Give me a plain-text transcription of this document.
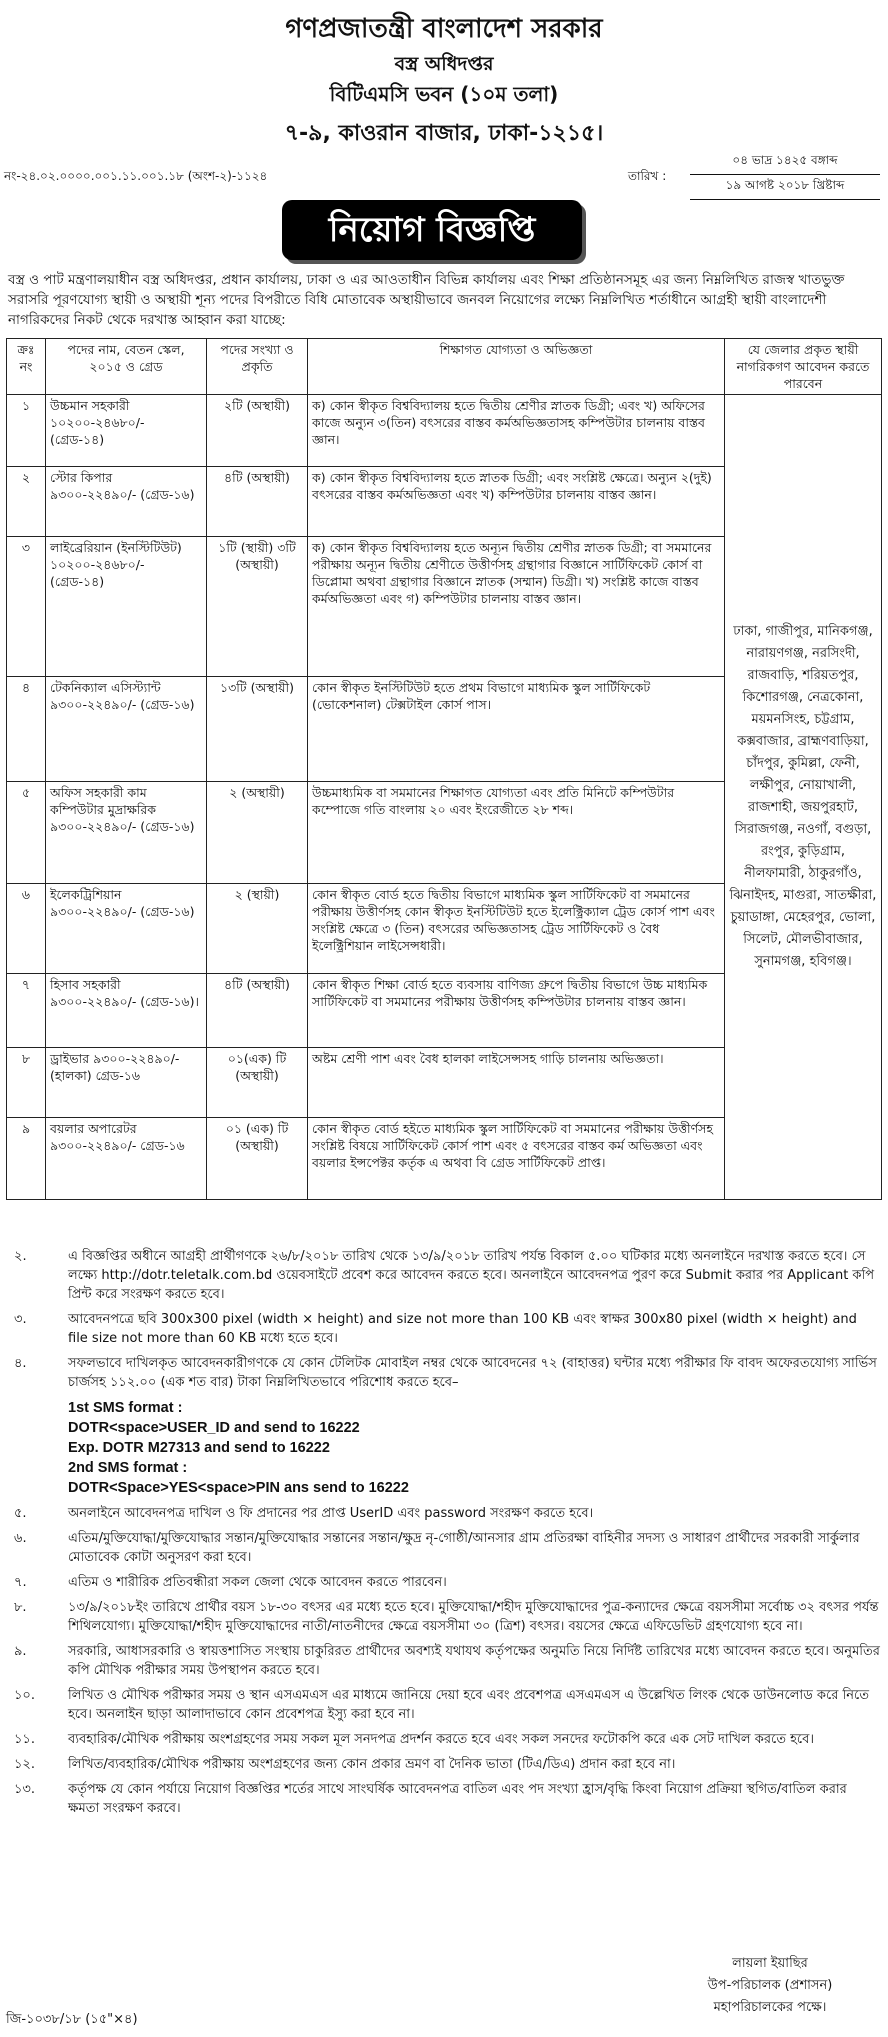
গণপ্রজাতন্ত্রী বাংলাদেশ সরকার
বস্ত্র অধিদপ্তর
বিটিএমসি ভবন (১০ম তলা)
৭-৯, কাওরান বাজার, ঢাকা-১২১৫।
নং-২৪.০২.০০০০.০০১.১১.০০১.১৮ (অংশ-২)-১১২৪	তারিখ :
০৪ ভাদ্র ১৪২৫ বঙ্গাব্দ
১৯ আগষ্ট ২০১৮ খ্রিষ্টাব্দ
নিয়োগ বিজ্ঞপ্তি
বস্ত্র ও পাট মন্ত্রণালয়াধীন বস্ত্র অধিদপ্তর, প্রধান কার্যালয়, ঢাকা ও এর আওতাধীন বিভিন্ন কার্যালয় এবং শিক্ষা প্রতিষ্ঠানসমূহ এর জন্য নিম্নলিখিত রাজস্ব খাতভুক্ত সরাসরি পূরণযোগ্য স্থায়ী ও অস্থায়ী শূন্য পদের বিপরীতে বিধি মোতাবেক অস্থায়ীভাবে জনবল নিয়োগের লক্ষ্যে নিম্নলিখিত শর্তাধীনে আগ্রহী স্থায়ী বাংলাদেশী নাগরিকদের নিকট থেকে দরখাস্ত আহ্বান করা যাচ্ছে:
ক্রঃ নং	পদের নাম, বেতন স্কেল, ২০১৫ ও গ্রেড	পদের সংখ্যা ও প্রকৃতি	শিক্ষাগত যোগ্যতা ও অভিজ্ঞতা	যে জেলার প্রকৃত স্থায়ী নাগরিকগণ আবেদন করতে পারবেন
১	উচ্চমান সহকারী ১০২০০-২৪৬৮০/- (গ্রেড-১৪)	২টি (অস্থায়ী)	ক) কোন স্বীকৃত বিশ্ববিদ্যালয় হতে দ্বিতীয় শ্রেণীর স্নাতক ডিগ্রী; এবং খ) অফিসের কাজে অন্যুন ৩(তিন) বৎসরের বাস্তব কর্মঅভিজ্ঞতাসহ কম্পিউটার চালনায় বাস্তব জ্ঞান।	ঢাকা, গাজীপুর, মানিকগঞ্জ, নারায়ণগঞ্জ, নরসিংদী, রাজবাড়ি, শরিয়তপুর, কিশোরগঞ্জ, নেত্রকোনা, ময়মনসিংহ, চট্টগ্রাম, কক্সবাজার, ব্রাহ্মণবাড়িয়া, চাঁদপুর, কুমিল্লা, ফেনী, লক্ষীপুর, নোয়াখালী, রাজশাহী, জয়পুরহাট, সিরাজগঞ্জ, নওগাঁ, বগুড়া, রংপুর, কুড়িগ্রাম, নীলফামারী, ঠাকুরগাঁও, ঝিনাইদহ, মাগুরা, সাতক্ষীরা, চুয়াডাঙ্গা, মেহেরপুর, ভোলা, সিলেট, মৌলভীবাজার, সুনামগঞ্জ, হবিগঞ্জ।
২	স্টোর কিপার ৯৩০০-২২৪৯০/- (গ্রেড-১৬)	৪টি (অস্থায়ী)	ক) কোন স্বীকৃত বিশ্ববিদ্যালয় হতে স্নাতক ডিগ্রী; এবং সংশ্লিষ্ট ক্ষেত্রে। অন্যুন ২(দুই) বৎসরের বাস্তব কর্মঅভিজ্ঞতা এবং খ) কম্পিউটার চালনায় বাস্তব জ্ঞান।	
৩	লাইব্রেরিয়ান (ইনস্টিটিউট) ১০২০০-২৪৬৮০/- (গ্রেড-১৪)	১টি (স্থায়ী) ৩টি (অস্থায়ী)	ক) কোন স্বীকৃত বিশ্ববিদ্যালয় হতে অন্যূন দ্বিতীয় শ্রেণীর স্নাতক ডিগ্রী; বা সমমানের পরীক্ষায় অন্যূন দ্বিতীয় শ্রেণীতে উত্তীর্ণসহ গ্রন্থাগার বিজ্ঞানে সার্টিফিকেট কোর্স বা ডিপ্লোমা অথবা গ্রন্থাগার বিজ্ঞানে স্নাতক (সম্মান) ডিগ্রী। খ) সংশ্লিষ্ট কাজে বাস্তব কর্মঅভিজ্ঞতা এবং গ) কম্পিউটার চালনায় বাস্তব জ্ঞান।	
৪	টেকনিক্যাল এসিস্ট্যান্ট ৯৩০০-২২৪৯০/- (গ্রেড-১৬)	১৩টি (অস্থায়ী)	কোন স্বীকৃত ইনস্টিটিউট হতে প্রথম বিভাগে মাধ্যমিক স্কুল সার্টিফিকেট (ভোকেশনাল) টেক্সটাইল কোর্স পাস।	
৫	অফিস সহকারী কাম কম্পিউটার মুদ্রাক্ষরিক ৯৩০০-২২৪৯০/- (গ্রেড-১৬)	২ (অস্থায়ী)	উচ্চমাধ্যমিক বা সমমানের শিক্ষাগত যোগ্যতা এবং প্রতি মিনিটে কম্পিউটার কম্পোজে গতি বাংলায় ২০ এবং ইংরেজীতে ২৮ শব্দ।	
৬	ইলেকট্রিশিয়ান ৯৩০০-২২৪৯০/- (গ্রেড-১৬)	২ (স্থায়ী)	কোন স্বীকৃত বোর্ড হতে দ্বিতীয় বিভাগে মাধ্যমিক স্কুল সার্টিফিকেট বা সমমানের পরীক্ষায় উত্তীর্ণসহ কোন স্বীকৃত ইনস্টিটিউট হতে ইলেক্ট্রিক্যাল ট্রেড কোর্স পাশ এবং সংশ্লিষ্ট ক্ষেত্রে ৩ (তিন) বৎসরের অভিজ্ঞতাসহ ট্রেড সার্টিফিকেট ও বৈধ ইলেক্ট্রিশিয়ান লাইসেন্সধারী।	
৭	হিসাব সহকারী ৯৩০০-২২৪৯০/- (গ্রেড-১৬)।	৪টি (অস্থায়ী)	কোন স্বীকৃত শিক্ষা বোর্ড হতে ব্যবসায় বাণিজ্য গ্রুপে দ্বিতীয় বিভাগে উচ্চ মাধ্যমিক সার্টিফিকেট বা সমমানের পরীক্ষায় উত্তীর্ণসহ কম্পিউটার চালনায় বাস্তব জ্ঞান।	
৮	ড্রাইভার ৯৩০০-২২৪৯০/- (হালকা) গ্রেড-১৬	০১(এক) টি (অস্থায়ী)	অষ্টম শ্রেণী পাশ এবং বৈধ হালকা লাইসেন্সসহ গাড়ি চালনায় অভিজ্ঞতা।	
৯	বয়লার অপারেটর ৯৩০০-২২৪৯০/- গ্রেড-১৬	০১ (এক) টি (অস্থায়ী)	কোন স্বীকৃত বোর্ড হইতে মাধ্যমিক স্কুল সার্টিফিকেট বা সমমানের পরীক্ষায় উত্তীর্ণসহ সংশ্লিষ্ট বিষয়ে সার্টিফিকেট কোর্স পাশ এবং ৫ বৎসরের বাস্তব কর্ম অভিজ্ঞতা এবং বয়লার ইন্সপেক্টর কর্তৃক এ অথবা বি গ্রেড সার্টিফিকেট প্রাপ্ত।	
২.	এ বিজ্ঞপ্তির অধীনে আগ্রহী প্রার্থীগণকে ২৬/৮/২০১৮ তারিখ থেকে ১৩/৯/২০১৮ তারিখ পর্যন্ত বিকাল ৫.০০ ঘটিকার মধ্যে অনলাইনে দরখাস্ত করতে হবে। সে লক্ষ্যে http://dotr.teletalk.com.bd ওয়েবসাইটে প্রবেশ করে আবেদন করতে হবে। অনলাইনে আবেদনপত্র পুরণ করে Submit করার পর Applicant কপি প্রিন্ট করে সংরক্ষণ করতে হবে।
৩.	আবেদনপত্রে ছবি 300x300 pixel (width × height) and size not more than 100 KB এবং স্বাক্ষর 300x80 pixel (width × height) and file size not more than 60 KB মধ্যে হতে হবে।
৪.	সফলভাবে দাখিলকৃত আবেদনকারীগণকে যে কোন টেলিটক মোবাইল নম্বর থেকে আবেদনের ৭২ (বাহাত্তর) ঘন্টার মধ্যে পরীক্ষার ফি বাবদ অফেরতযোগ্য সার্ভিস চার্জসহ ১১২.০০ (এক শত বার) টাকা নিম্নলিখিতভাবে পরিশোধ করতে হবে–
1st SMS format :
DOTR<space>USER_ID and send to 16222
Exp. DOTR M27313 and send to 16222
2nd SMS format :
DOTR<Space>YES<space>PIN ans send to 16222
৫.	অনলাইনে আবেদনপত্র দাখিল ও ফি প্রদানের পর প্রাপ্ত UserID এবং password সংরক্ষণ করতে হবে।
৬.	এতিম/মুক্তিযোদ্ধা/মুক্তিযোদ্ধার সন্তান/মুক্তিযোদ্ধার সন্তানের সন্তান/ক্ষুদ্র নৃ-গোষ্ঠী/আনসার গ্রাম প্রতিরক্ষা বাহিনীর সদস্য ও সাধারণ প্রার্থীদের সরকারী সার্কুলার মোতাবেক কোটা অনুসরণ করা হবে।
৭.	এতিম ও শারীরিক প্রতিবন্ধীরা সকল জেলা থেকে আবেদন করতে পারবেন।
৮.	১৩/৯/২০১৮ইং তারিখে প্রার্থীর বয়স ১৮-৩০ বৎসর এর মধ্যে হতে হবে। মুক্তিযোদ্ধা/শহীদ মুক্তিযোদ্ধাদের পুত্র-কন্যাদের ক্ষেত্রে বয়সসীমা সর্বোচ্চ ৩২ বৎসর পর্যন্ত শিথিলযোগ্য। মুক্তিযোদ্ধা/শহীদ মুক্তিযোদ্ধাদের নাতী/নাতনীদের ক্ষেত্রে বয়সসীমা ৩০ (ত্রিশ) বৎসর। বয়সের ক্ষেত্রে এফিডেভিট গ্রহণযোগ্য হবে না।
৯.	সরকারি, আধাসরকারি ও স্বায়ত্তশাসিত সংস্থায় চাকুরিরত প্রার্থীদের অবশ্যই যথাযথ কর্তৃপক্ষের অনুমতি নিয়ে নির্দিষ্ট তারিখের মধ্যে আবেদন করতে হবে। অনুমতির কপি মৌখিক পরীক্ষার সময় উপস্থাপন করতে হবে।
১০.	লিখিত ও মৌখিক পরীক্ষার সময় ও স্থান এসএমএস এর মাধ্যমে জানিয়ে দেয়া হবে এবং প্রবেশপত্র এসএমএস এ উল্লেখিত লিংক থেকে ডাউনলোড করে নিতে হবে। অনলাইন ছাড়া আলাদাভাবে কোন প্রবেশপত্র ইস্যু করা হবে না।
১১.	ব্যবহারিক/মৌখিক পরীক্ষায় অংশগ্রহণের সময় সকল মূল সনদপত্র প্রদর্শন করতে হবে এবং সকল সনদের ফটোকপি করে এক সেট দাখিল করতে হবে।
১২.	লিখিত/ব্যবহারিক/মৌখিক পরীক্ষায় অংশগ্রহণের জন্য কোন প্রকার ভ্রমণ বা দৈনিক ভাতা (টিএ/ডিএ) প্রদান করা হবে না।
১৩.	কর্তৃপক্ষ যে কোন পর্যায়ে নিয়োগ বিজ্ঞপ্তির শর্তের সাথে সাংঘর্ষিক আবেদনপত্র বাতিল এবং পদ সংখ্যা হ্রাস/বৃদ্ধি কিংবা নিয়োগ প্রক্রিয়া স্থগিত/বাতিল করার ক্ষমতা সংরক্ষণ করবে।
লায়লা ইয়াছির
উপ-পরিচালক (প্রশাসন)
মহাপরিচালকের পক্ষে।
জি-১০৩৮/১৮ (১৫"×৪)
